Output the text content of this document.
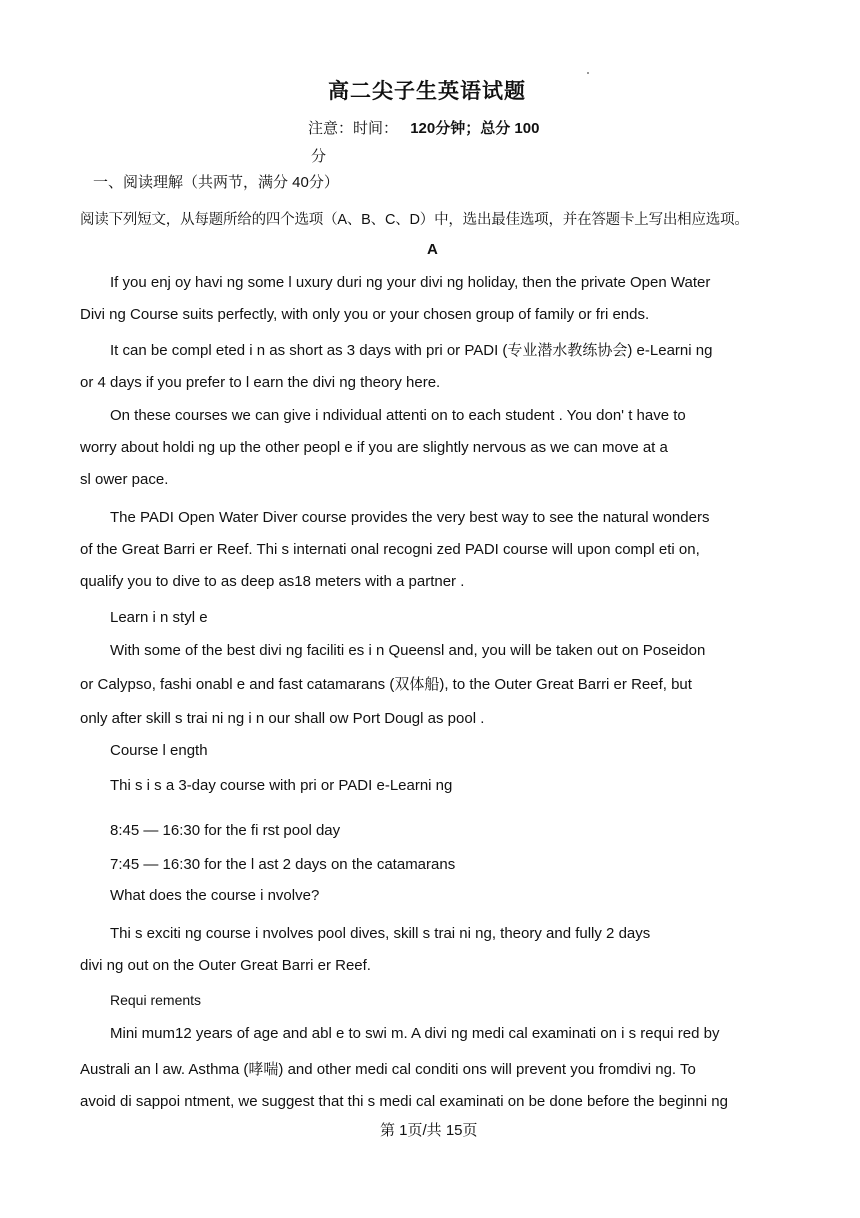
高二尖子生英语试题
注意：时间： 120分钟；总分 100
分
一、阅读理解（共两节，满分 40分）
阅读下列短文，从每题所给的四个选项（A、B、C、D）中，选出最佳选项，并在答题卡上写出相应选项。
A
If you enj oy havi ng some l uxury duri ng your divi ng holiday, then the private Open Water
Divi ng Course suits perfectly, with only you or your chosen group of family or fri ends.
It can be compl eted i n as short as 3 days with pri or PADI (专业潜水教练协会) e-Learni ng
or 4 days if you prefer to l earn the divi ng theory here.
On these courses we can give i ndividual attenti on to each student . You don' t have to
worry about holdi ng up the other peopl e if you are slightly nervous as we can move at a
sl ower pace.
The PADI Open Water Diver course provides the very best way to see the natural wonders
of the Great Barri er Reef. Thi s internati onal recogni zed PADI course will upon compl eti on,
qualify you to dive to as deep as18 meters with a partner .
Learn i n styl e
With some of the best divi ng faciliti es i n Queensl and, you will be taken out on Poseidon
or Calypso, fashi onabl e and fast catamarans (双体船), to the Outer Great Barri er Reef, but
only after skill s trai ni ng i n our shall ow Port Dougl as pool .
Course l ength
Thi s i s a 3-day course with pri or PADI e-Learni ng
8:45 — 16:30 for the fi rst pool day
7:45 — 16:30 for the l ast 2 days on the catamarans
What does the course i nvolve?
Thi s exciti ng course i nvolves pool dives, skill s trai ni ng, theory and fully 2 days
divi ng out on the Outer Great Barri er Reef.
Requi rements
Mini mum12 years of age and abl e to swi m. A divi ng medi cal examinati on i s requi red by
Australi an l aw. Asthma (哮喘) and other medi cal conditi ons will prevent you fromdivi ng. To
avoid di sappoi ntment, we suggest that thi s medi cal examinati on be done before the beginni ng
第 1页/共 15页
